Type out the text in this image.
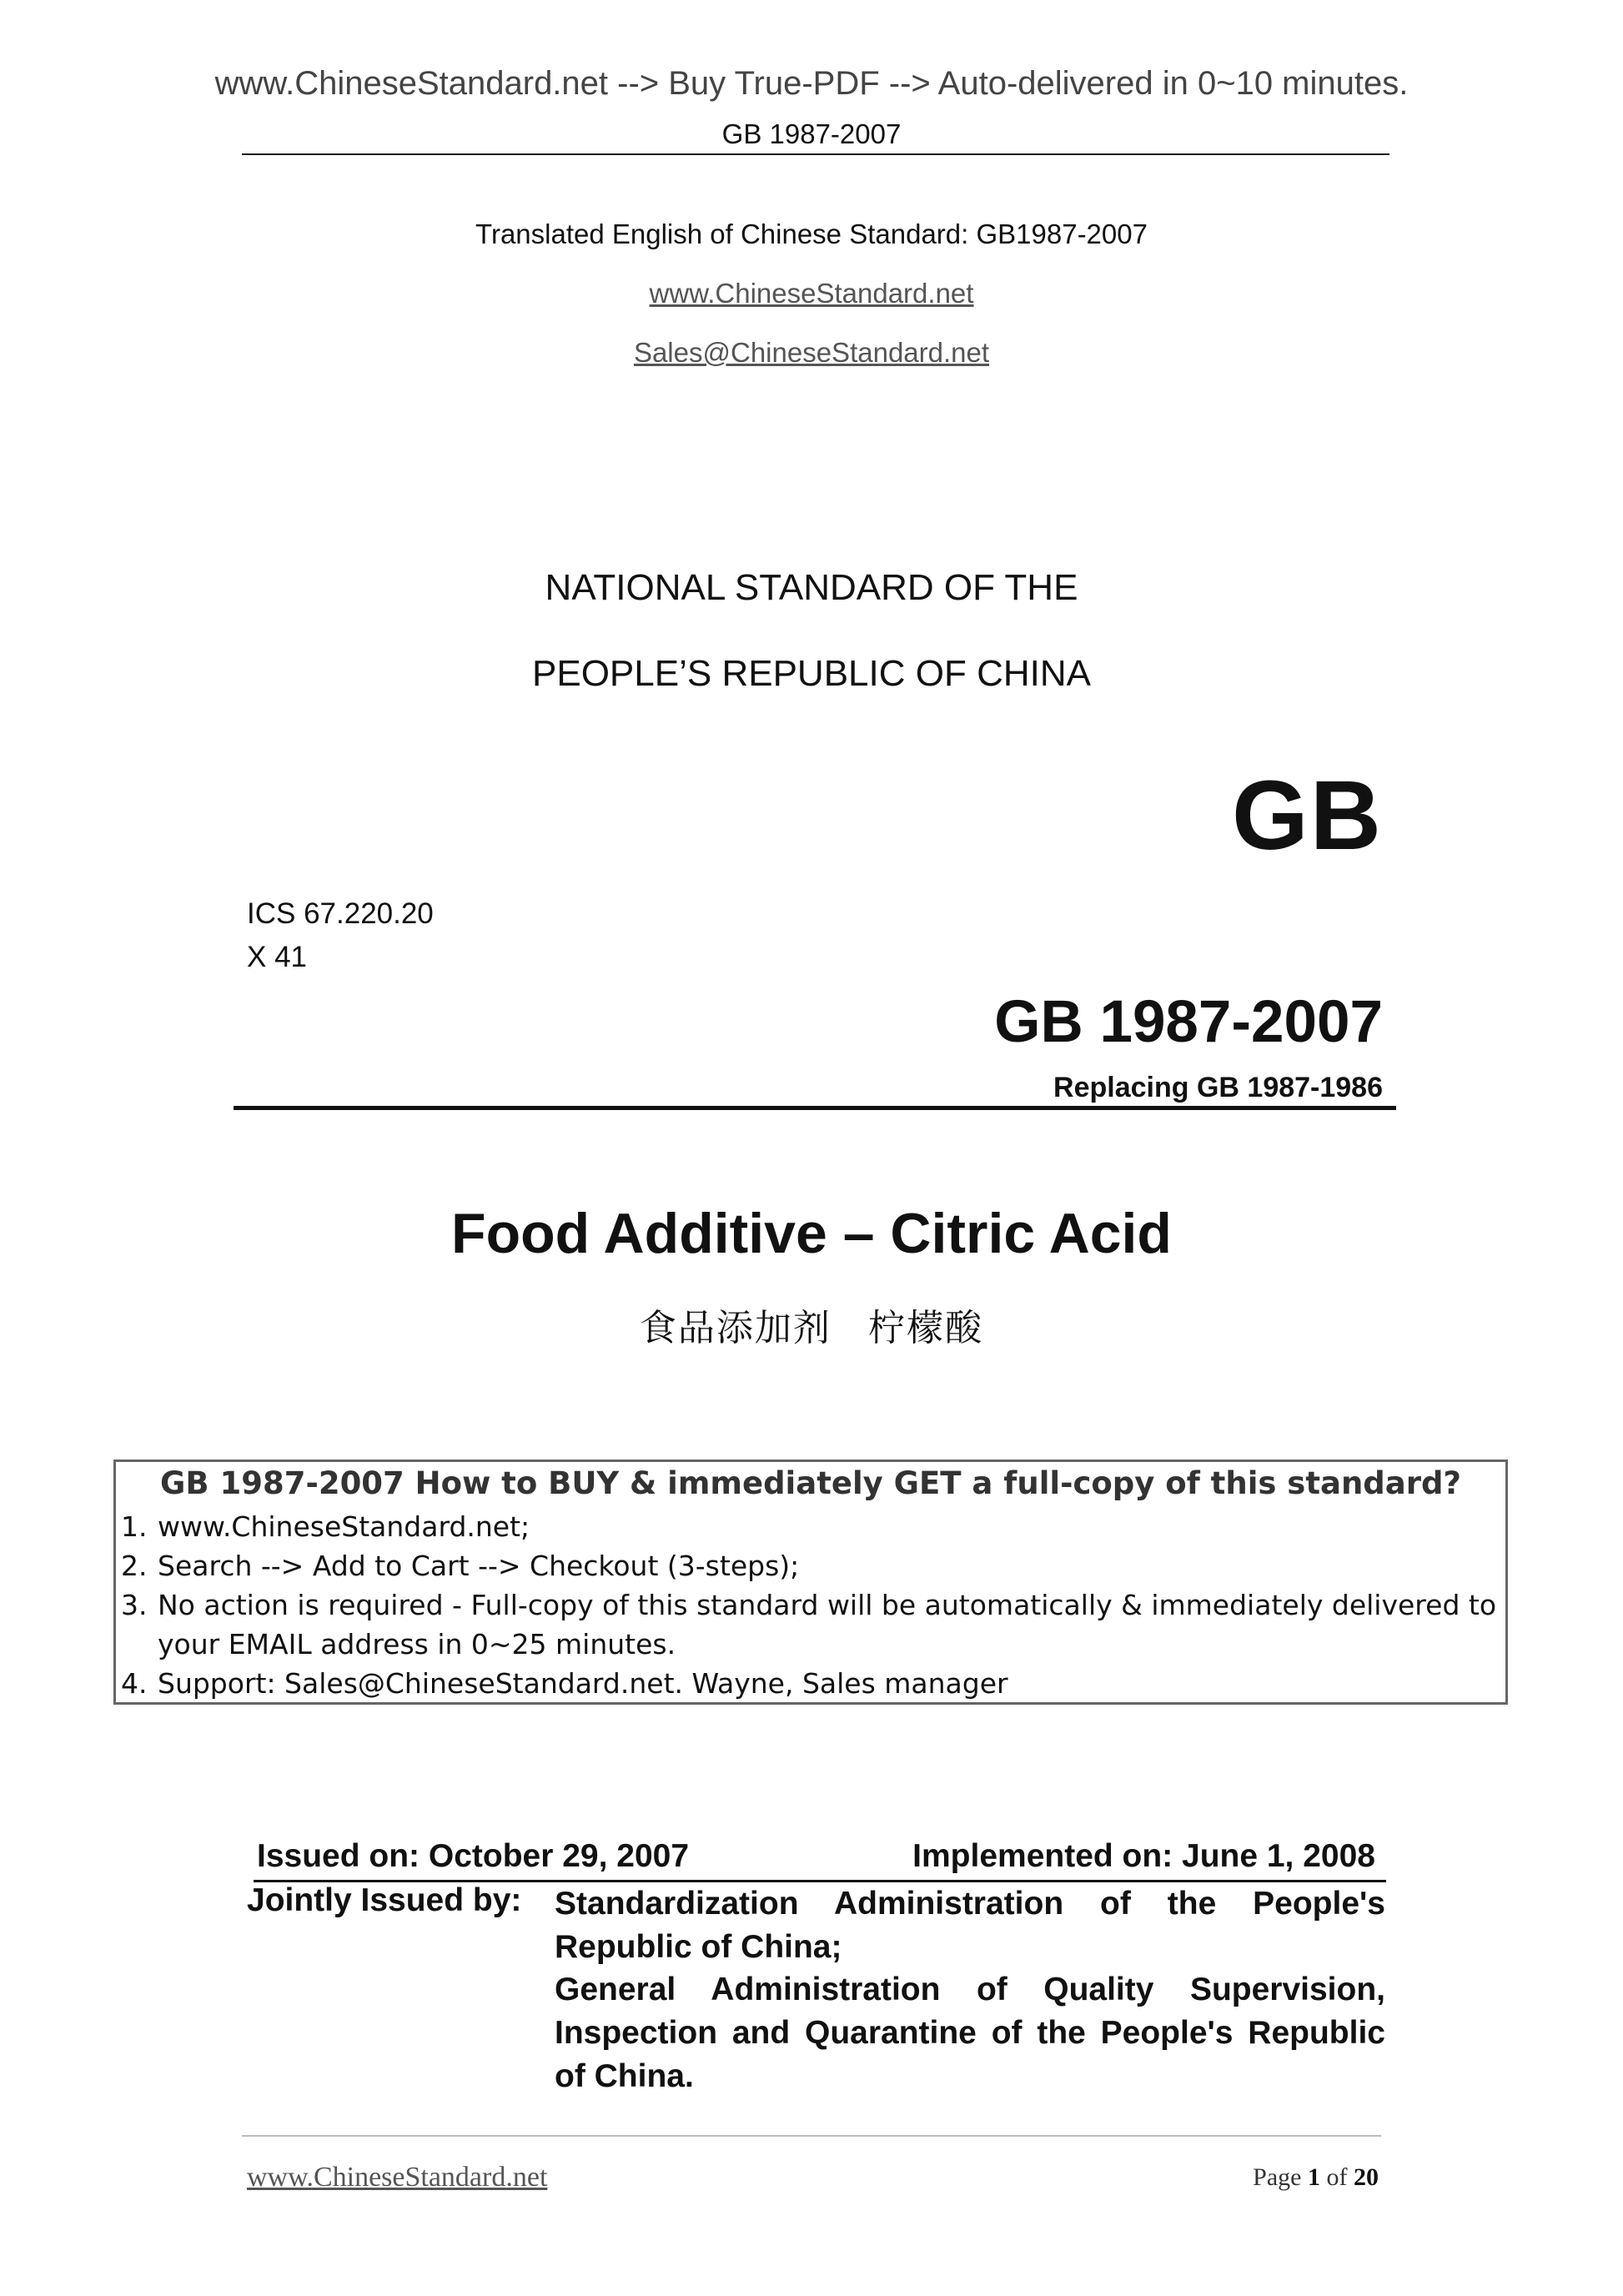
www.ChineseStandard.net --> Buy True-PDF --> Auto-delivered in 0~10 minutes.
GB 1987-2007
Translated English of Chinese Standard: GB1987-2007
www.ChineseStandard.net
Sales@ChineseStandard.net
NATIONAL STANDARD OF THE
PEOPLE’S REPUBLIC OF CHINA
GB
ICS 67.220.20
X 41
GB 1987-2007
Replacing GB 1987-1986
Food Additive – Citric Acid
食品添加剂 柠檬酸
GB 1987-2007 How to BUY & immediately GET a full-copy of this standard?
1. www.ChineseStandard.net;
2. Search --> Add to Cart --> Checkout (3-steps);
3. No action is required - Full-copy of this standard will be automatically & immediately delivered to your EMAIL address in 0~25 minutes.
4. Support: Sales@ChineseStandard.net. Wayne, Sales manager
Issued on: October 29, 2007	Implemented on: June 1, 2008
Jointly Issued by: Standardization Administration of the People's Republic of China;
General Administration of Quality Supervision, Inspection and Quarantine of the People's Republic of China.
www.ChineseStandard.net	Page 1 of 20
